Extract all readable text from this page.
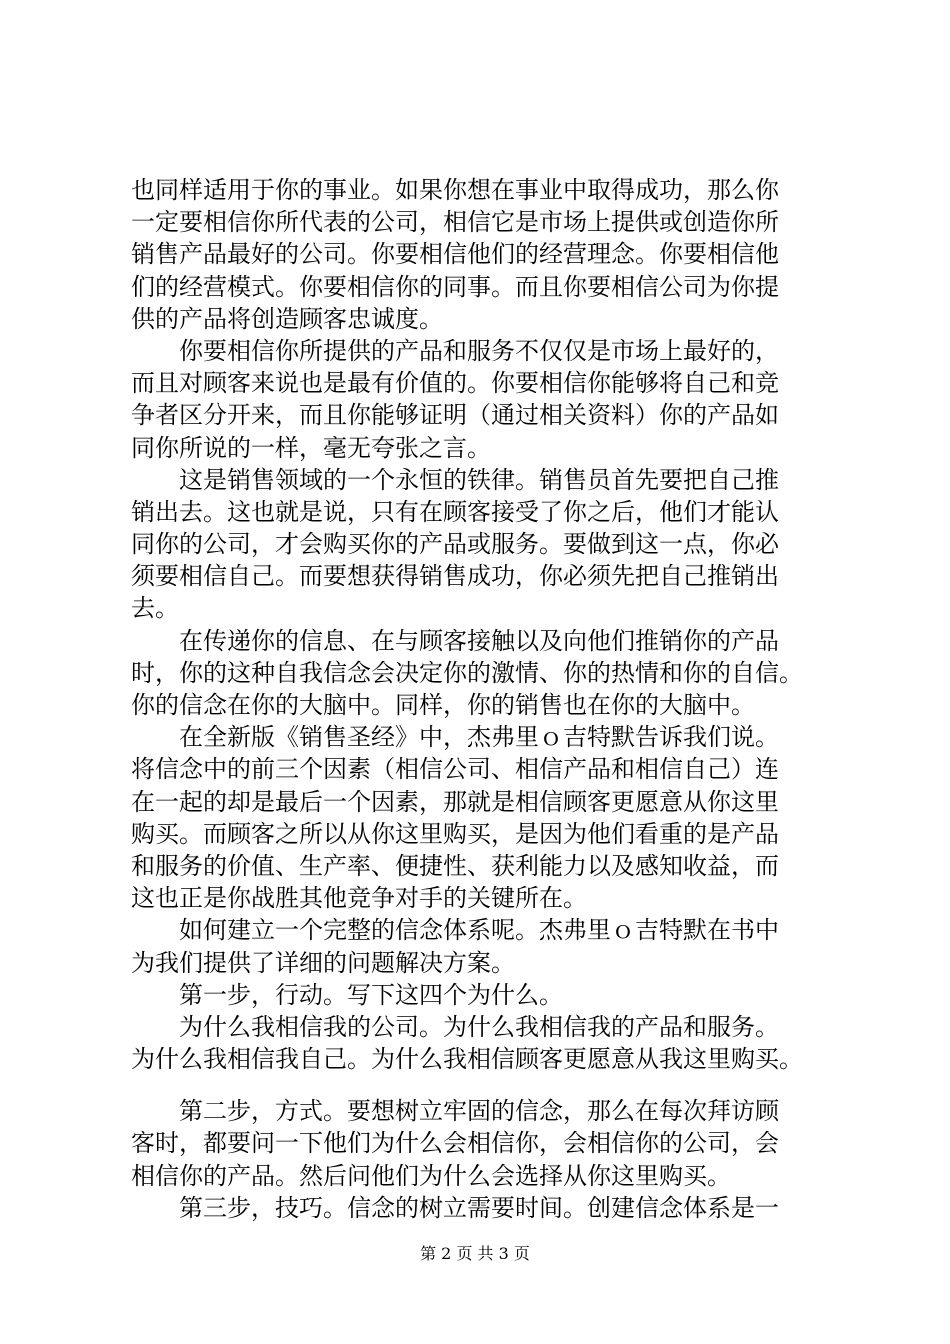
也同样适用于你的事业。如果你想在事业中取得成功，那么你
一定要相信你所代表的公司，相信它是市场上提供或创造你所
销售产品最好的公司。你要相信他们的经营理念。你要相信他
们的经营模式。你要相信你的同事。而且你要相信公司为你提
供的产品将创造顾客忠诚度。
　　你要相信你所提供的产品和服务不仅仅是市场上最好的，
而且对顾客来说也是最有价值的。你要相信你能够将自己和竞
争者区分开来，而且你能够证明（通过相关资料）你的产品如
同你所说的一样，毫无夸张之言。
　　这是销售领域的一个永恒的铁律。销售员首先要把自己推
销出去。这也就是说，只有在顾客接受了你之后，他们才能认
同你的公司，才会购买你的产品或服务。要做到这一点，你必
须要相信自己。而要想获得销售成功，你必须先把自己推销出
去。
　　在传递你的信息、在与顾客接触以及向他们推销你的产品
时，你的这种自我信念会决定你的激情、你的热情和你的自信。
你的信念在你的大脑中。同样，你的销售也在你的大脑中。
　　在全新版《销售圣经》中，杰弗里ｏ吉特默告诉我们说。
将信念中的前三个因素（相信公司、相信产品和相信自己）连
在一起的却是最后一个因素，那就是相信顾客更愿意从你这里
购买。而顾客之所以从你这里购买，是因为他们看重的是产品
和服务的价值、生产率、便捷性、获利能力以及感知收益，而
这也正是你战胜其他竞争对手的关键所在。
　　如何建立一个完整的信念体系呢。杰弗里ｏ吉特默在书中
为我们提供了详细的问题解决方案。
　　第一步，行动。写下这四个为什么。
　　为什么我相信我的公司。为什么我相信我的产品和服务。
为什么我相信我自己。为什么我相信顾客更愿意从我这里购买。
　　第二步，方式。要想树立牢固的信念，那么在每次拜访顾
客时，都要问一下他们为什么会相信你，会相信你的公司，会
相信你的产品。然后问他们为什么会选择从你这里购买。
　　第三步，技巧。信念的树立需要时间。创建信念体系是一
第 2 页 共 3 页
